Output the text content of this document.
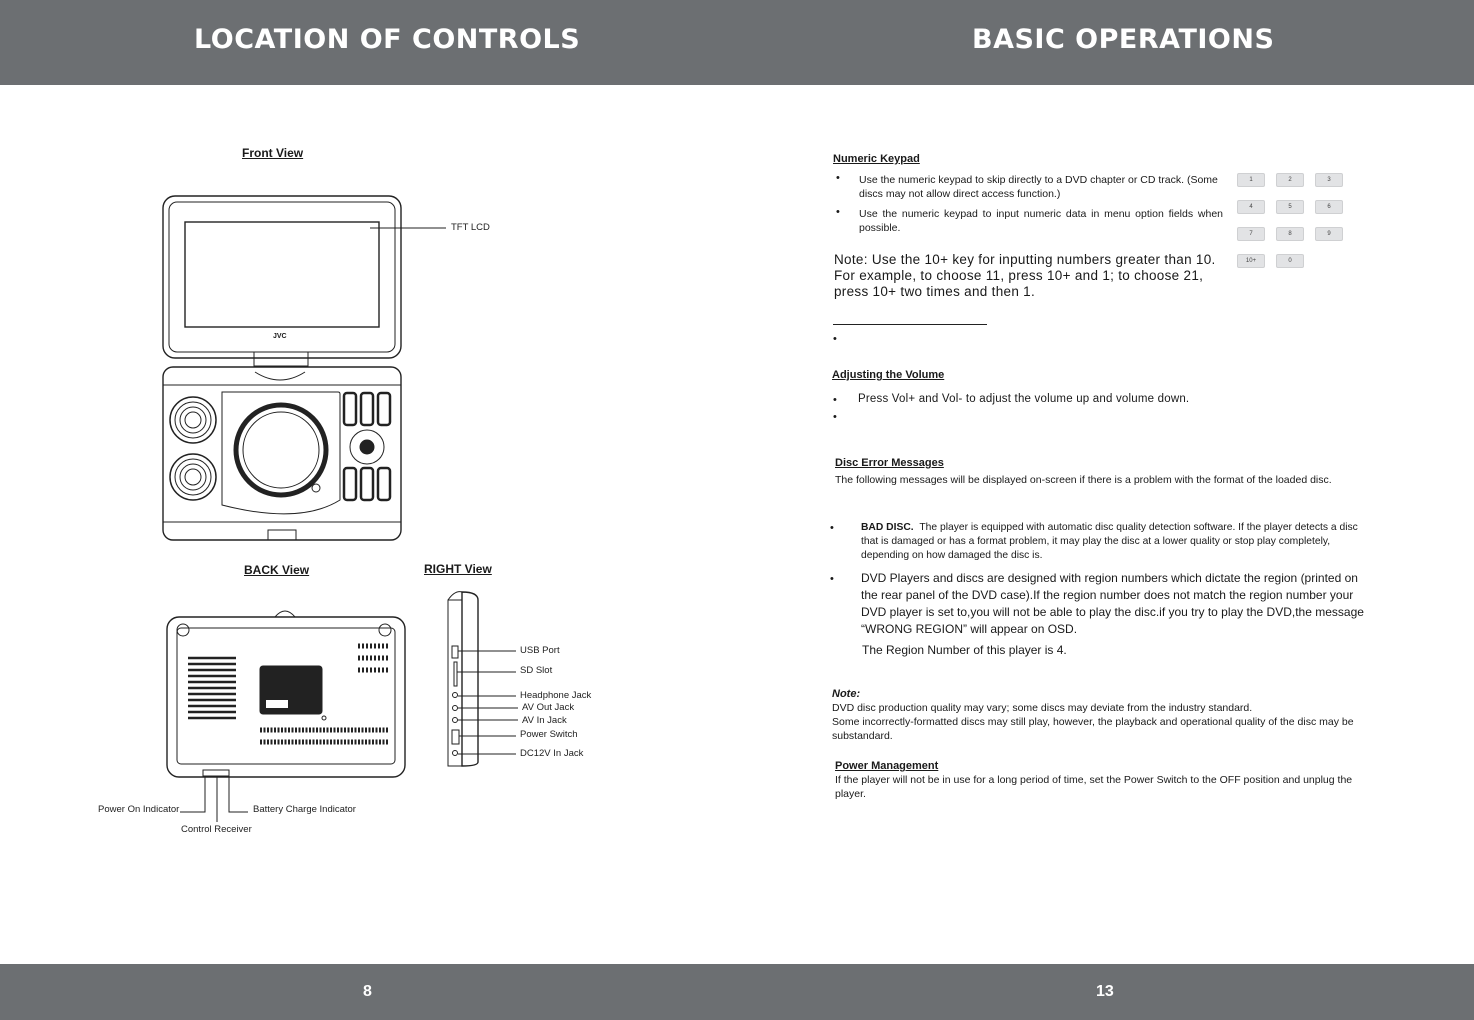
LOCATION OF CONTROLS	BASIC OPERATIONS
8	13
Front View
BACK View	RIGHT View
JVC
TFT LCD
USB Port
SD Slot
Headphone Jack
AV Out Jack
AV In Jack
Power Switch
DC12V In Jack
Power On Indicator	Battery Charge Indicator
Control Receiver
Numeric Keypad
• Use the numeric keypad to skip directly to a DVD chapter or CD track. (Some discs may not allow direct access function.)
• Use the numeric keypad to input numeric data in menu option fields when possible.
Note: Use the 10+ key for inputting numbers greater than 10. For example, to choose 11, press 10+ and 1; to choose 21, press 10+ two times and then 1.
1	2	3
4	5	6
7	8	9
10+	0
•
Adjusting the Volume
• Press Vol+ and Vol- to adjust the volume up and volume down.
•
Disc Error Messages
The following messages will be displayed on-screen if there is a problem with the format of the loaded disc.
•	BAD DISC. The player is equipped with automatic disc quality detection software. If the player detects a disc that is damaged or has a format problem, it may play the disc at a lower quality or stop play completely, depending on how damaged the disc is.
• DVD Players and discs are designed with region numbers which dictate the region (printed on the rear panel of the DVD case).If the region number does not match the region number your DVD player is set to,you will not be able to play the disc.if you try to play the DVD,the message “WRONG REGION” will appear on OSD.
The Region Number of this player is 4.
Note:
DVD disc production quality may vary; some discs may deviate from the industry standard.
Some incorrectly-formatted discs may still play, however, the playback and operational quality of the disc may be substandard.
Power Management
If the player will not be in use for a long period of time, set the Power Switch to the OFF position and unplug the player.
